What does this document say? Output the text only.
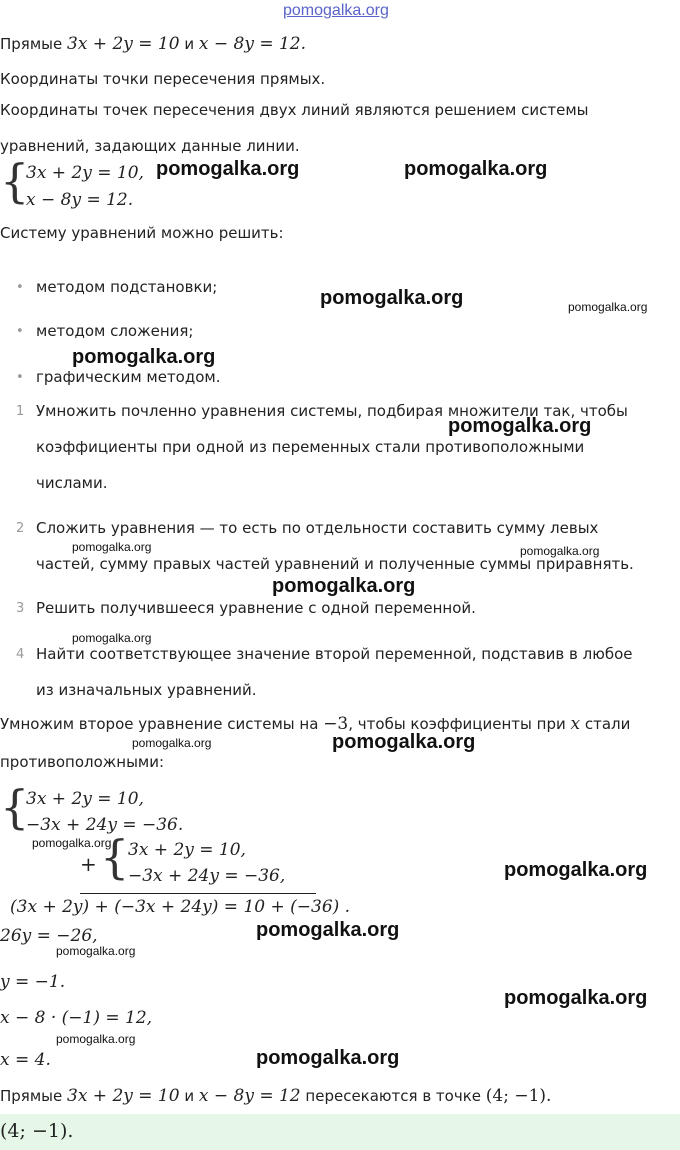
pomogalka.org
Прямые 3x + 2y = 10 и x − 8y = 12.
Координаты точки пересечения прямых.
Координаты точек пересечения двух линий являются решением системы
уравнений, задающих данные линии.
{
3x + 2y = 10,
x − 8y = 12.
Систему уравнений можно решить:
• методом подстановки;
• методом сложения;
• графическим методом.
1 Умножить почленно уравнения системы, подбирая множители так, чтобы
коэффициенты при одной из переменных стали противоположными
числами.
2 Сложить уравнения — то есть по отдельности составить сумму левых
частей, сумму правых частей уравнений и полученные суммы приравнять.
3 Решить получившееся уравнение с одной переменной.
4 Найти соответствующее значение второй переменной, подставив в любое
из изначальных уравнений.
Умножим второе уравнение системы на −3, чтобы коэффициенты при x стали
противоположными:
{
3x + 2y = 10,
−3x + 24y = −36.
+ {
3x + 2y = 10,
−3x + 24y = −36,
(3x + 2y) + (−3x + 24y) = 10 + (−36) .
26y = −26,
y = −1.
x − 8 · (−1) = 12,
x = 4.
Прямые 3x + 2y = 10 и x − 8y = 12 пересекаются в точке (4; −1).
(4; −1).
pomogalka.org	pomogalka.org
pomogalka.org	pomogalka.org
pomogalka.org
pomogalka.org
pomogalka.org	pomogalka.org
pomogalka.org
pomogalka.org
pomogalka.org	pomogalka.org
pomogalka.org
pomogalka.org
pomogalka.org
pomogalka.org
pomogalka.org
pomogalka.org
pomogalka.org
